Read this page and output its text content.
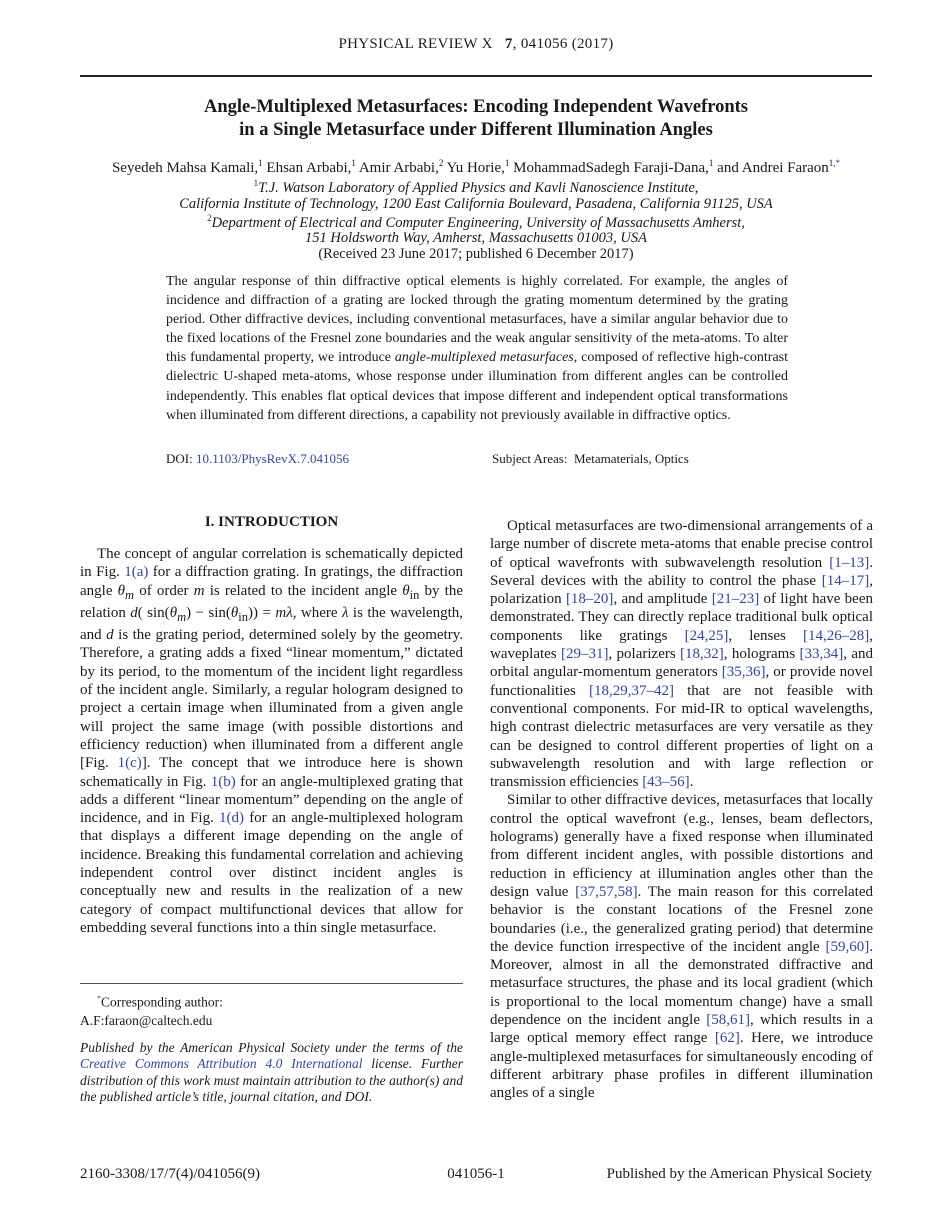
PHYSICAL REVIEW X 7, 041056 (2017)
Angle-Multiplexed Metasurfaces: Encoding Independent Wavefronts
in a Single Metasurface under Different Illumination Angles
Seyedeh Mahsa Kamali,$^1$ Ehsan Arbabi,$^1$ Amir Arbabi,$^2$ Yu Horie,$^1$ MohammadSadegh Faraji-Dana,$^1$ and Andrei Faraon$^{1,*}$
$^1$T.J. Watson Laboratory of Applied Physics and Kavli Nanoscience Institute,
California Institute of Technology, 1200 East California Boulevard, Pasadena, California 91125, USA
$^2$Department of Electrical and Computer Engineering, University of Massachusetts Amherst,
151 Holdsworth Way, Amherst, Massachusetts 01003, USA
(Received 23 June 2017; published 6 December 2017)
The angular response of thin diffractive optical elements is highly correlated. For example, the angles of incidence and diffraction of a grating are locked through the grating momentum determined by the grating period. Other diffractive devices, including conventional metasurfaces, have a similar angular behavior due to the fixed locations of the Fresnel zone boundaries and the weak angular sensitivity of the meta-atoms. To alter this fundamental property, we introduce angle-multiplexed metasurfaces, composed of reflective high-contrast dielectric U-shaped meta-atoms, whose response under illumination from different angles can be controlled independently. This enables flat optical devices that impose different and independent optical transformations when illuminated from different directions, a capability not previously available in diffractive optics.
DOI: 10.1103/PhysRevX.7.041056	Subject Areas: Metamaterials, Optics
I. INTRODUCTION

The concept of angular correlation is schematically depicted in Fig. 1(a) for a diffraction grating. In gratings, the diffraction angle $\theta_m$ of order m is related to the incident angle $\theta_{in}$ by the relation d( $\sin(\theta_m) - \sin(\theta_{in})) = m\lambda$, where λ is the wavelength, and d is the grating period, determined solely by the geometry. Therefore, a grating adds a fixed “linear momentum,” dictated by its period, to the momentum of the incident light regardless of the incident angle. Similarly, a regular hologram designed to project a certain image when illuminated from a given angle will project the same image (with possible distortions and efficiency reduction) when illuminated from a different angle [Fig. 1(c)]. The concept that we introduce here is shown schematically in Fig. 1(b) for an angle-multiplexed grating that adds a different “linear momentum” depending on the angle of incidence, and in Fig. 1(d) for an angle-multiplexed hologram that displays a different image depending on the angle of incidence. Breaking this fundamental correlation and achieving independent control over distinct incident angles is conceptually new and results in the realization of a new category of compact multifunctional devices that allow for embedding several functions into a thin single metasurface.

*Corresponding author:
A.F:faraon@caltech.edu
Published by the American Physical Society under the terms of the Creative Commons Attribution 4.0 International license. Further distribution of this work must maintain attribution to the author(s) and the published article’s title, journal citation, and DOI.

Optical metasurfaces are two-dimensional arrangements of a large number of discrete meta-atoms that enable precise control of optical wavefronts with subwavelength resolution [1–13]. Several devices with the ability to control the phase [14–17], polarization [18–20], and amplitude [21–23] of light have been demonstrated. They can directly replace traditional bulk optical components like gratings [24,25], lenses [14,26–28], waveplates [29–31], polarizers [18,32], holograms [33,34], and orbital angular-momentum generators [35,36], or provide novel functionalities [18,29,37–42] that are not feasible with conventional components. For mid-IR to optical wavelengths, high contrast dielectric metasurfaces are very versatile as they can be designed to control different properties of light on a subwavelength resolution and with large reflection or transmission efficiencies [43–56].

Similar to other diffractive devices, metasurfaces that locally control the optical wavefront (e.g., lenses, beam deflectors, holograms) generally have a fixed response when illuminated from different incident angles, with possible distortions and reduction in efficiency at illumination angles other than the design value [37,57,58]. The main reason for this correlated behavior is the constant locations of the Fresnel zone boundaries (i.e., the generalized grating period) that determine the device function irrespective of the incident angle [59,60]. Moreover, almost in all the demonstrated diffractive and metasurface structures, the phase and its local gradient (which is proportional to the local momentum change) have a small dependence on the incident angle [58,61], which results in a large optical memory effect range [62]. Here, we introduce angle-multiplexed metasurfaces for simultaneously encoding of different arbitrary phase profiles in different illumination angles of a single

2160-3308/17/7(4)/041056(9)	041056-1	Published by the American Physical Society
